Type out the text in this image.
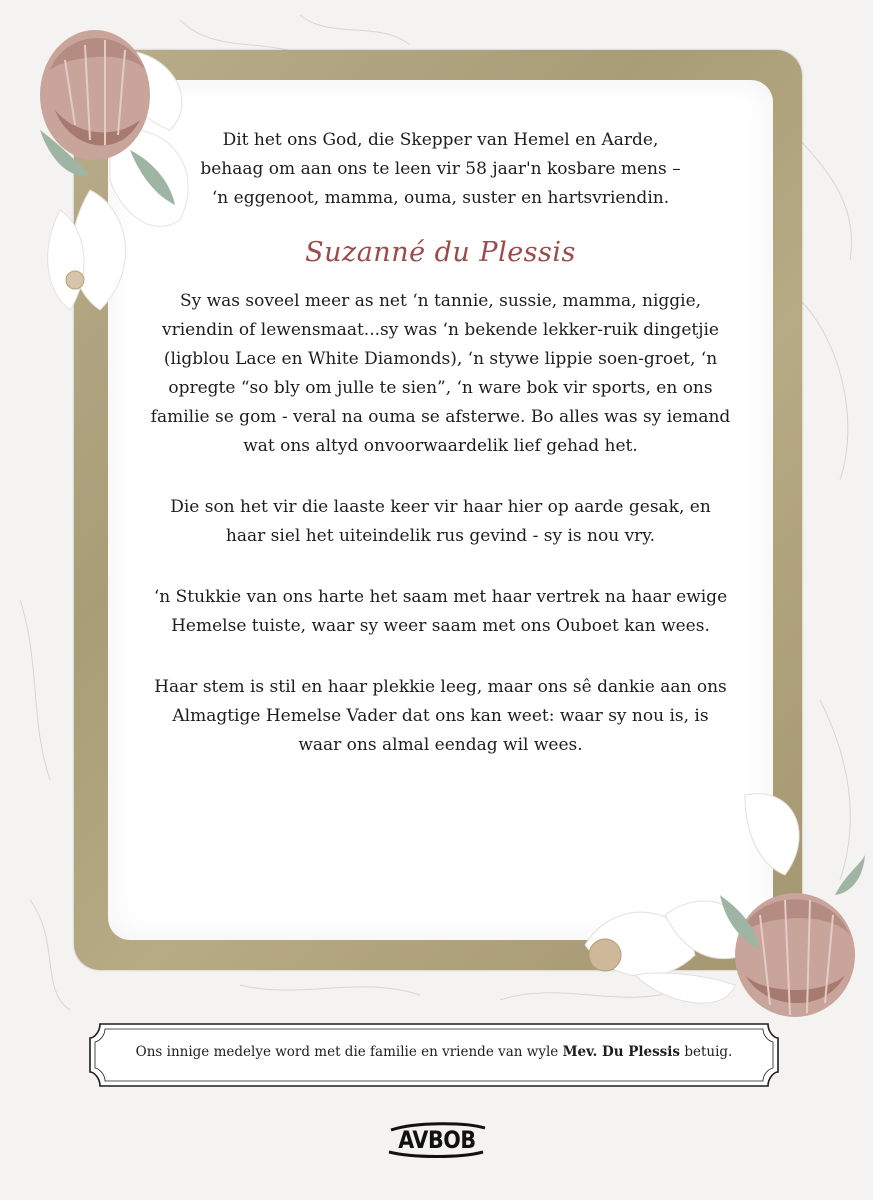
Dit het ons God, die Skepper van Hemel en Aarde,
behaag om aan ons te leen vir 58 jaar'n kosbare mens –
‘n eggenoot, mamma, ouma, suster en hartsvriendin.
Suzanné du Plessis
Sy was soveel meer as net ‘n tannie, sussie, mamma, niggie,
vriendin of lewensmaat...sy was ‘n bekende lekker-ruik dingetjie
(ligblou Lace en White Diamonds), ‘n stywe lippie soen-groet, ‘n
opregte “so bly om julle te sien”, ‘n ware bok vir sports, en ons
familie se gom - veral na ouma se afsterwe. Bo alles was sy iemand
wat ons altyd onvoorwaardelik lief gehad het.
Die son het vir die laaste keer vir haar hier op aarde gesak, en
haar siel het uiteindelik rus gevind - sy is nou vry.
‘n Stukkie van ons harte het saam met haar vertrek na haar ewige
Hemelse tuiste, waar sy weer saam met ons Ouboet kan wees.
Haar stem is stil en haar plekkie leeg, maar ons sê dankie aan ons
Almagtige Hemelse Vader dat ons kan weet: waar sy nou is, is
waar ons almal eendag wil wees.
Ons innige medelye word met die familie en vriende van wyle Mev. Du Plessis betuig.
AVBOB
